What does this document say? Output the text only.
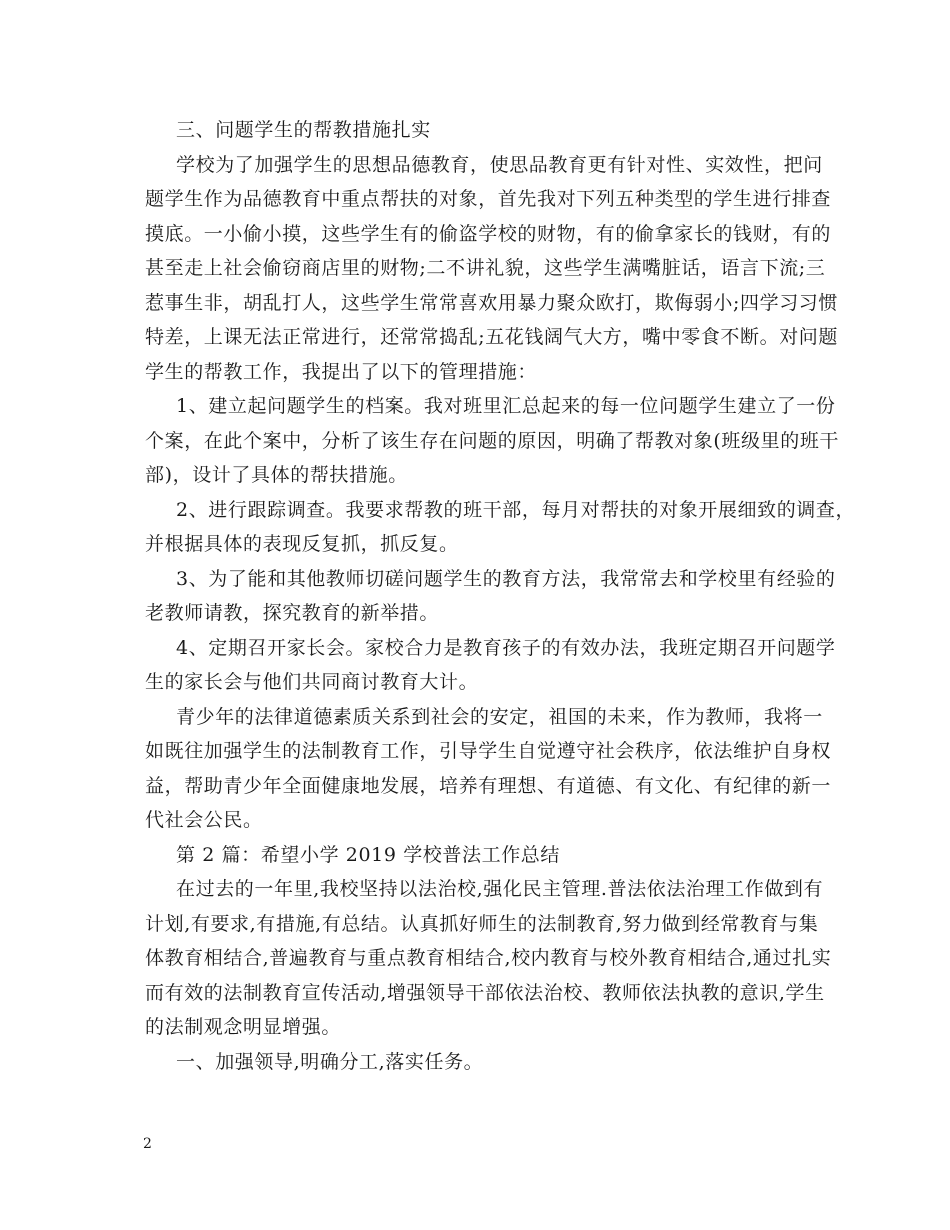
三、问题学生的帮教措施扎实
学校为了加强学生的思想品德教育，使思品教育更有针对性、实效性，把问
题学生作为品德教育中重点帮扶的对象，首先我对下列五种类型的学生进行排查
摸底。一小偷小摸，这些学生有的偷盗学校的财物，有的偷拿家长的钱财，有的
甚至走上社会偷窃商店里的财物;二不讲礼貌，这些学生满嘴脏话，语言下流;三
惹事生非，胡乱打人，这些学生常常喜欢用暴力聚众欧打，欺侮弱小;四学习习惯
特差，上课无法正常进行，还常常捣乱;五花钱阔气大方，嘴中零食不断。对问题
学生的帮教工作，我提出了以下的管理措施：
1、建立起问题学生的档案。我对班里汇总起来的每一位问题学生建立了一份
个案，在此个案中，分析了该生存在问题的原因，明确了帮教对象(班级里的班干
部)，设计了具体的帮扶措施。
2、进行跟踪调查。我要求帮教的班干部，每月对帮扶的对象开展细致的调查，
并根据具体的表现反复抓，抓反复。
3、为了能和其他教师切磋问题学生的教育方法，我常常去和学校里有经验的
老教师请教，探究教育的新举措。
4、定期召开家长会。家校合力是教育孩子的有效办法，我班定期召开问题学
生的家长会与他们共同商讨教育大计。
青少年的法律道德素质关系到社会的安定，祖国的未来，作为教师，我将一
如既往加强学生的法制教育工作，引导学生自觉遵守社会秩序，依法维护自身权
益，帮助青少年全面健康地发展，培养有理想、有道德、有文化、有纪律的新一
代社会公民。
第 2 篇：希望小学 2019 学校普法工作总结
在过去的一年里,我校坚持以法治校,强化民主管理.普法依法治理工作做到有
计划,有要求,有措施,有总结。认真抓好师生的法制教育,努力做到经常教育与集
体教育相结合,普遍教育与重点教育相结合,校内教育与校外教育相结合,通过扎实
而有效的法制教育宣传活动,增强领导干部依法治校、教师依法执教的意识,学生
的法制观念明显增强。
一、加强领导,明确分工,落实任务。
2
